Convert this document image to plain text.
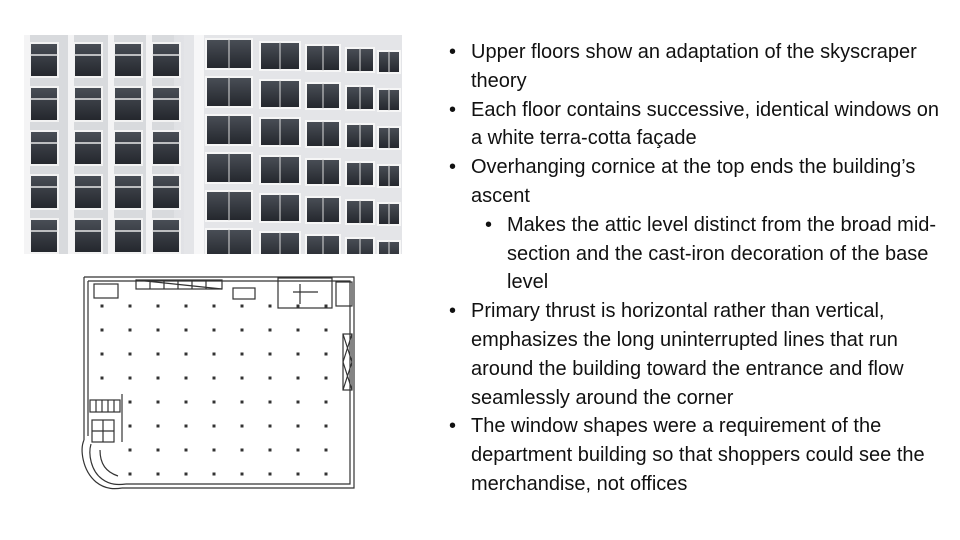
• Upper floors show an adaptation of the skyscraper theory
• Each floor contains successive, identical windows on a white terra-cotta façade
• Overhanging cornice at the top ends the building’s ascent
• Makes the attic level distinct from the broad mid-section and the cast-iron decoration of the base level
• Primary thrust is horizontal rather than vertical, emphasizes the long uninterrupted lines that run around the building toward the entrance and flow seamlessly around the corner
• The window shapes were a requirement of the department building so that shoppers could see the merchandise, not offices
